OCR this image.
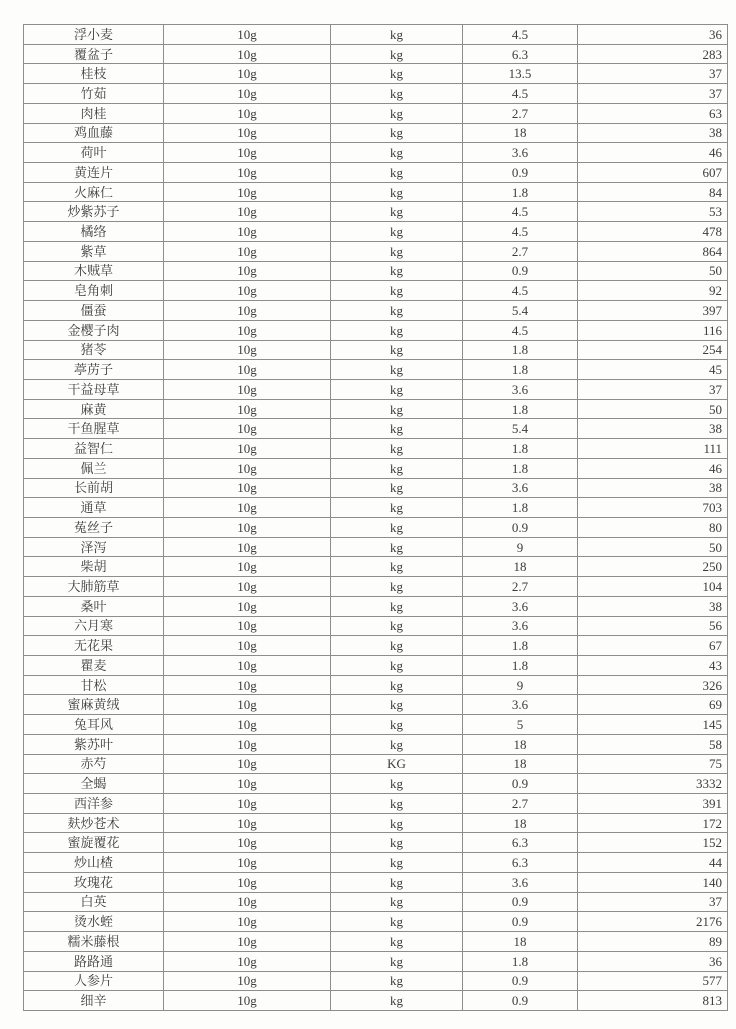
浮小麦	10g	kg	4.5	36
覆盆子	10g	kg	6.3	283
桂枝	10g	kg	13.5	37
竹茹	10g	kg	4.5	37
肉桂	10g	kg	2.7	63
鸡血藤	10g	kg	18	38
荷叶	10g	kg	3.6	46
黄连片	10g	kg	0.9	607
火麻仁	10g	kg	1.8	84
炒紫苏子	10g	kg	4.5	53
橘络	10g	kg	4.5	478
紫草	10g	kg	2.7	864
木贼草	10g	kg	0.9	50
皂角刺	10g	kg	4.5	92
僵蚕	10g	kg	5.4	397
金樱子肉	10g	kg	4.5	116
猪苓	10g	kg	1.8	254
葶苈子	10g	kg	1.8	45
干益母草	10g	kg	3.6	37
麻黄	10g	kg	1.8	50
干鱼腥草	10g	kg	5.4	38
益智仁	10g	kg	1.8	111
佩兰	10g	kg	1.8	46
长前胡	10g	kg	3.6	38
通草	10g	kg	1.8	703
菟丝子	10g	kg	0.9	80
泽泻	10g	kg	9	50
柴胡	10g	kg	18	250
大肺筋草	10g	kg	2.7	104
桑叶	10g	kg	3.6	38
六月寒	10g	kg	3.6	56
无花果	10g	kg	1.8	67
瞿麦	10g	kg	1.8	43
甘松	10g	kg	9	326
蜜麻黄绒	10g	kg	3.6	69
兔耳风	10g	kg	5	145
紫苏叶	10g	kg	18	58
赤芍	10g	KG	18	75
全蝎	10g	kg	0.9	3332
西洋参	10g	kg	2.7	391
麸炒苍术	10g	kg	18	172
蜜旋覆花	10g	kg	6.3	152
炒山楂	10g	kg	6.3	44
玫瑰花	10g	kg	3.6	140
白英	10g	kg	0.9	37
烫水蛭	10g	kg	0.9	2176
糯米藤根	10g	kg	18	89
路路通	10g	kg	1.8	36
人参片	10g	kg	0.9	577
细辛	10g	kg	0.9	813
